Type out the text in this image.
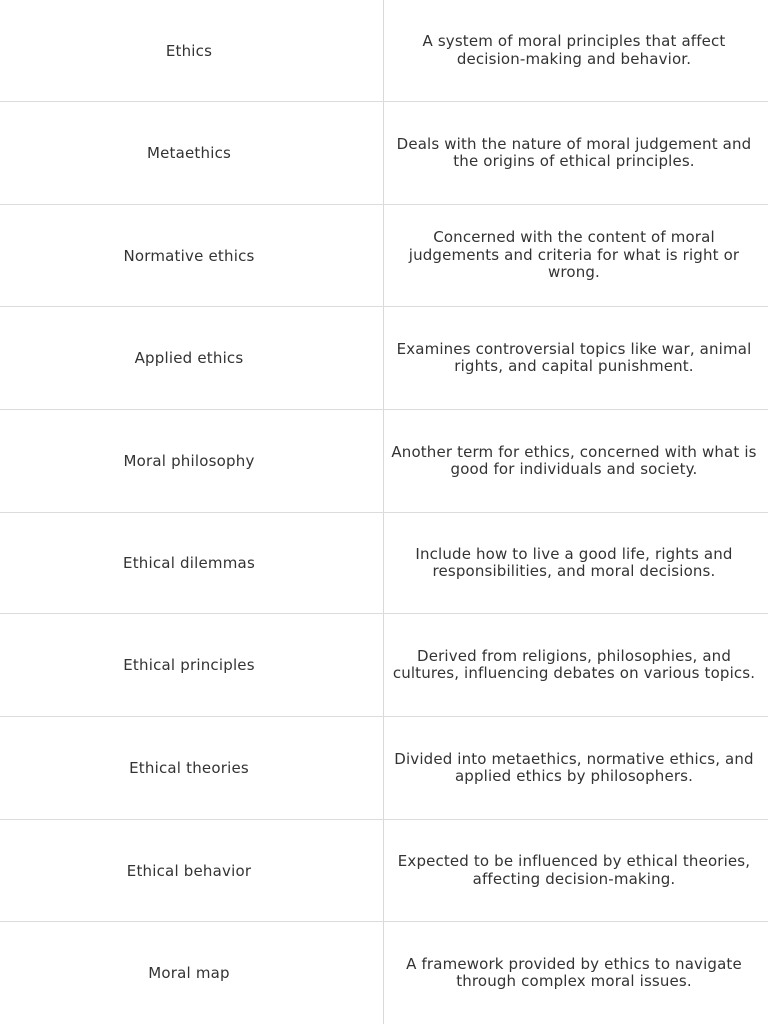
Ethics
A system of moral principles that affect decision-making and behavior.
Metaethics
Deals with the nature of moral judgement and the origins of ethical principles.
Normative ethics
Concerned with the content of moral judgements and criteria for what is right or wrong.
Applied ethics
Examines controversial topics like war, animal rights, and capital punishment.
Moral philosophy
Another term for ethics, concerned with what is good for individuals and society.
Ethical dilemmas
Include how to live a good life, rights and responsibilities, and moral decisions.
Ethical principles
Derived from religions, philosophies, and cultures, influencing debates on various topics.
Ethical theories
Divided into metaethics, normative ethics, and applied ethics by philosophers.
Ethical behavior
Expected to be influenced by ethical theories, affecting decision-making.
Moral map
A framework provided by ethics to navigate through complex moral issues.
